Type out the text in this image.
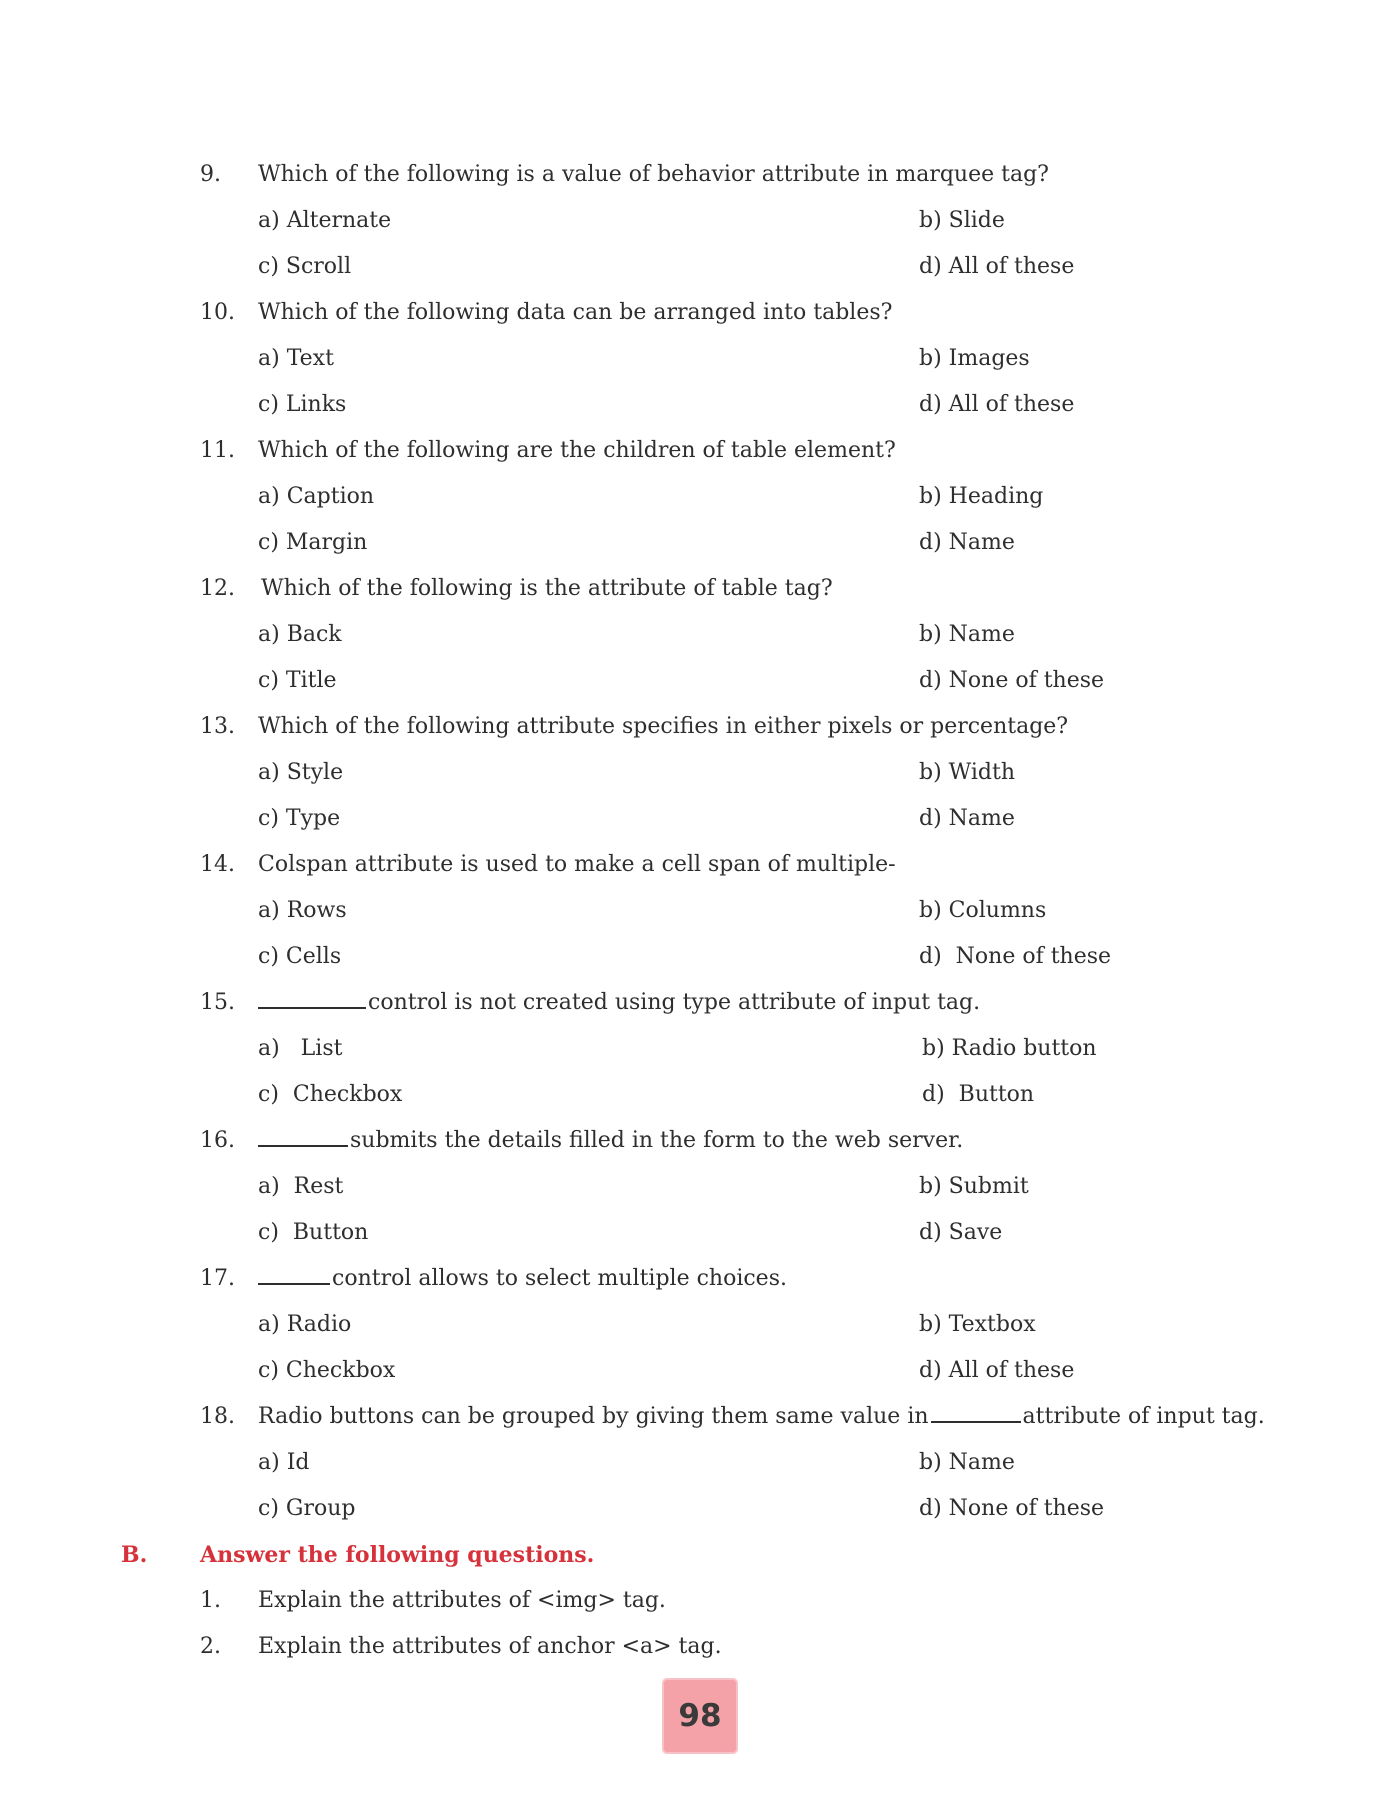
9. Which of the following is a value of behavior attribute in marquee tag?
a) Alternate	b) Slide
c) Scroll	d) All of these
10. Which of the following data can be arranged into tables?
a) Text	b) Images
c) Links	d) All of these
11. Which of the following are the children of table element?
a) Caption	b) Heading
c) Margin	d) Name
12. Which of the following is the attribute of table tag?
a) Back	b) Name
c) Title	d) None of these
13. Which of the following attribute specifies in either pixels or percentage?
a) Style	b) Width
c) Type	d) Name
14. Colspan attribute is used to make a cell span of multiple-
a) Rows	b) Columns
c) Cells	d)  None of these
15.	control is not created using type attribute of input tag.
a)   List	b) Radio button
c)  Checkbox	d)  Button
16.	submits the details filled in the form to the web server.
a)  Rest	b) Submit
c)  Button	d) Save
17.	control allows to select multiple choices.
a) Radio	b) Textbox
c) Checkbox	d) All of these
18. Radio buttons can be grouped by giving them same value in	attribute of input tag.
a) Id	b) Name
c) Group	d) None of these
B. Answer the following questions.
1. Explain the attributes of <img> tag.
2. Explain the attributes of anchor <a> tag.
98
